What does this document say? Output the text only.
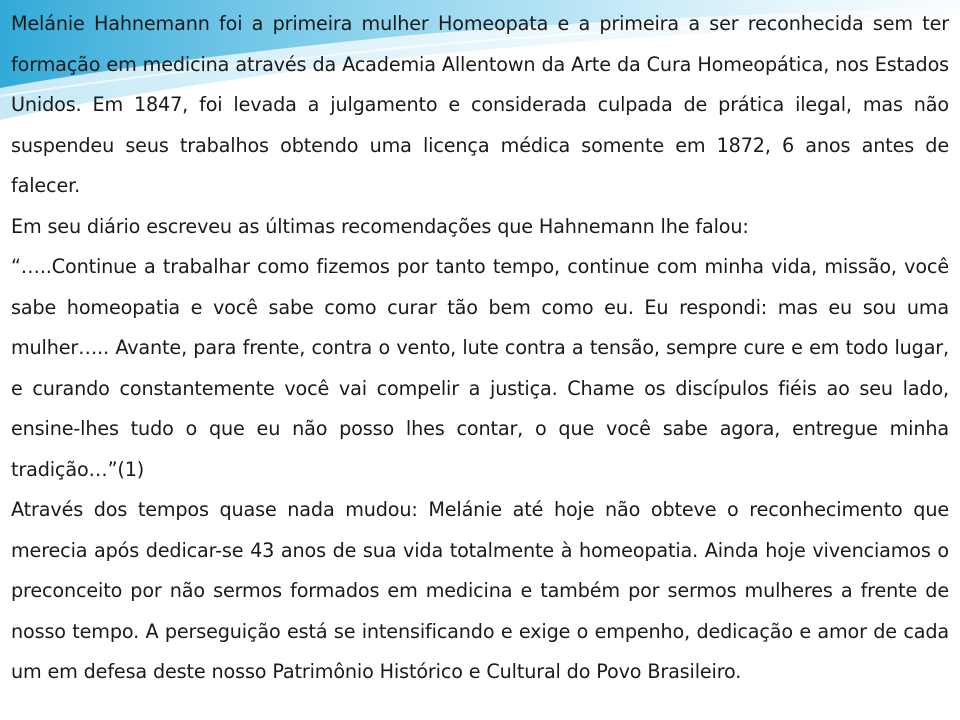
Melánie Hahnemann foi a primeira mulher Homeopata e a primeira a ser reconhecida sem ter formação em medicina através da Academia Allentown da Arte da Cura Homeopática, nos Estados Unidos. Em 1847, foi levada a julgamento e considerada culpada de prática ilegal, mas não suspendeu seus trabalhos obtendo uma licença médica somente em 1872, 6 anos antes de falecer.

Em seu diário escreveu as últimas recomendações que Hahnemann lhe falou:

“…..Continue a trabalhar como fizemos por tanto tempo, continue com minha vida, missão, você sabe homeopatia e você sabe como curar tão bem como eu. Eu respondi: mas eu sou uma mulher….. Avante, para frente, contra o vento, lute contra a tensão, sempre cure e em todo lugar, e curando constantemente você vai compelir a justiça. Chame os discípulos fiéis ao seu lado, ensine-lhes tudo o que eu não posso lhes contar, o que você sabe agora, entregue minha tradição…”(1)

Através dos tempos quase nada mudou: Melánie até hoje não obteve o reconhecimento que merecia após dedicar-se 43 anos de sua vida totalmente à homeopatia. Ainda hoje vivenciamos o preconceito por não sermos formados em medicina e também por sermos mulheres a frente de nosso tempo. A perseguição está se intensificando e exige o empenho, dedicação e amor de cada um em defesa deste nosso Patrimônio Histórico e Cultural do Povo Brasileiro.
